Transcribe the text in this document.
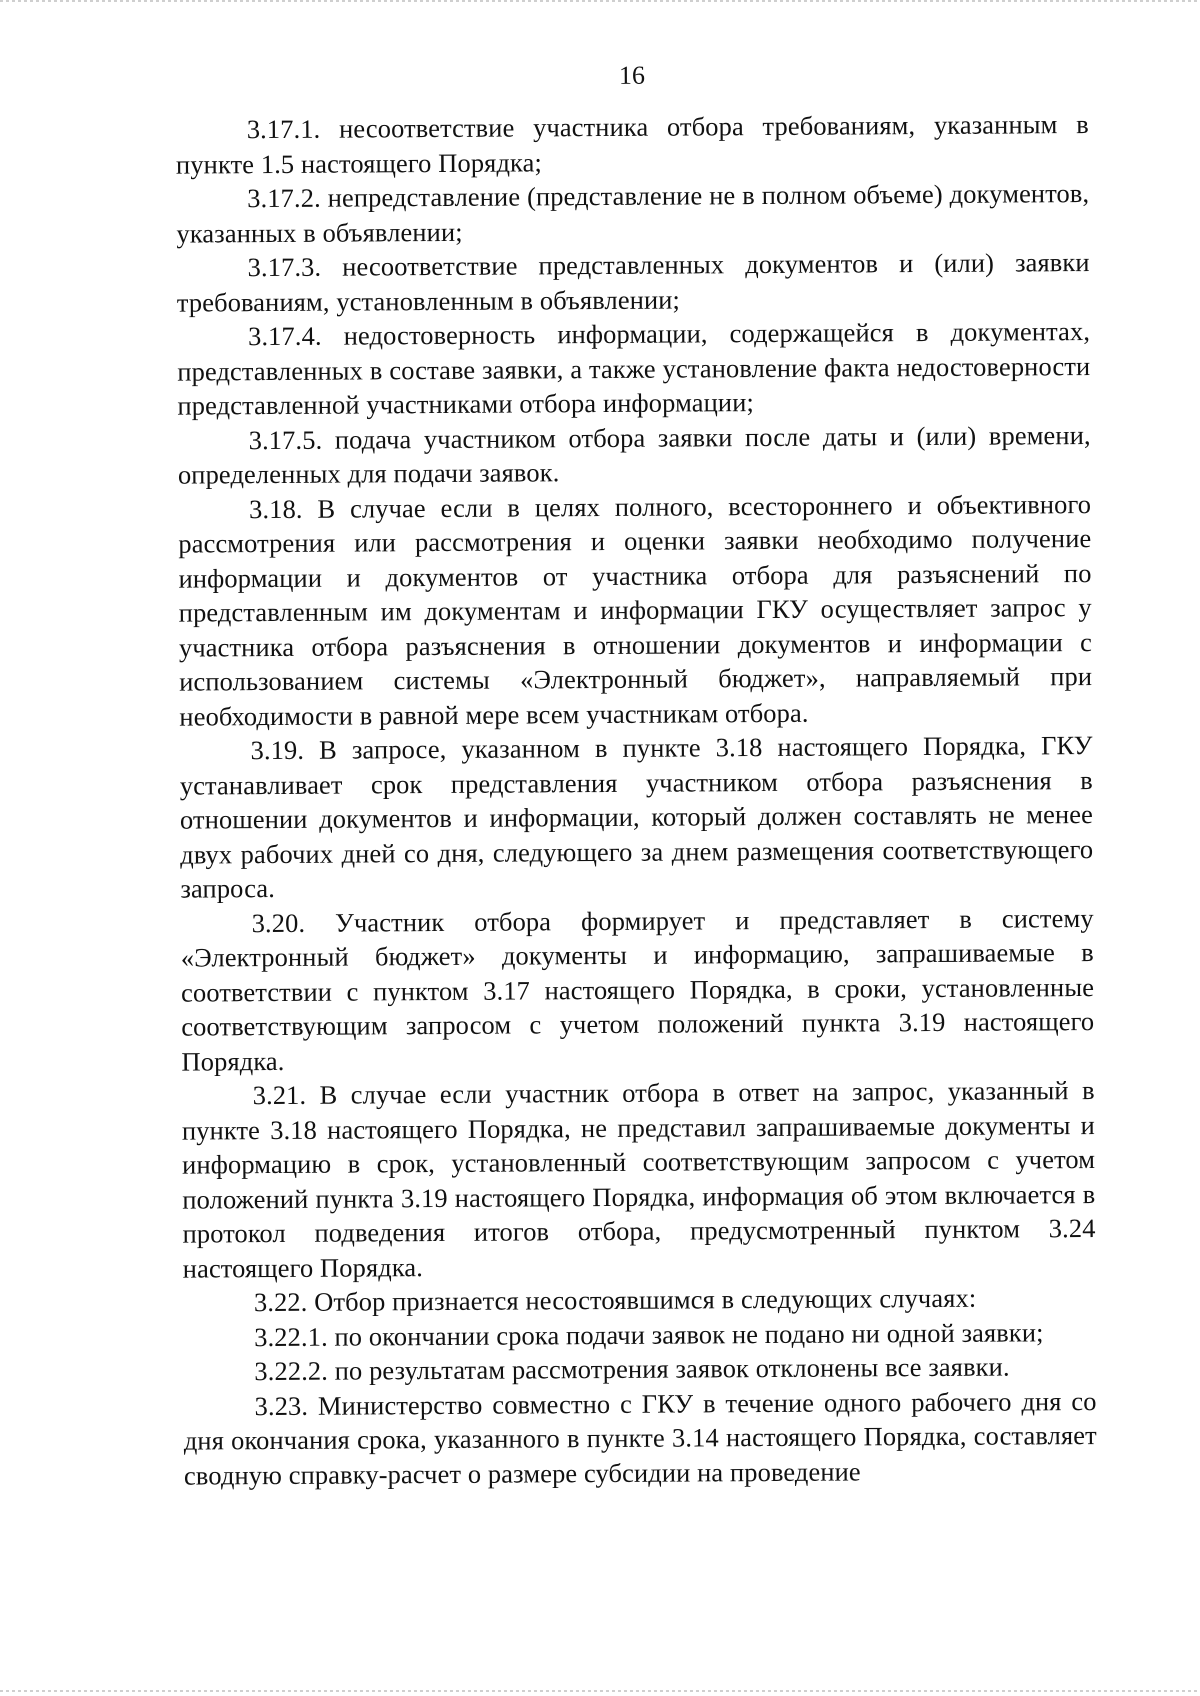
16

3.17.1. несоответствие участника отбора требованиям, указанным в пункте 1.5 настоящего Порядка;

3.17.2. непредставление (представление не в полном объеме) документов, указанных в объявлении;

3.17.3. несоответствие представленных документов и (или) заявки требованиям, установленным в объявлении;

3.17.4. недостоверность информации, содержащейся в документах, представленных в составе заявки, а также установление факта недостоверности представленной участниками отбора информации;

3.17.5. подача участником отбора заявки после даты и (или) времени, определенных для подачи заявок.

3.18. В случае если в целях полного, всестороннего и объективного рассмотрения или рассмотрения и оценки заявки необходимо получение информации и документов от участника отбора для разъяснений по представленным им документам и информации ГКУ осуществляет запрос у участника отбора разъяснения в отношении документов и информации с использованием системы «Электронный бюджет», направляемый при необходимости в равной мере всем участникам отбора.

3.19. В запросе, указанном в пункте 3.18 настоящего Порядка, ГКУ устанавливает срок представления участником отбора разъяснения в отношении документов и информации, который должен составлять не менее двух рабочих дней со дня, следующего за днем размещения соответствующего запроса.

3.20. Участник отбора формирует и представляет в систему «Электронный бюджет» документы и информацию, запрашиваемые в соответствии с пунктом 3.17 настоящего Порядка, в сроки, установленные соответствующим запросом с учетом положений пункта 3.19 настоящего Порядка.

3.21. В случае если участник отбора в ответ на запрос, указанный в пункте 3.18 настоящего Порядка, не представил запрашиваемые документы и информацию в срок, установленный соответствующим запросом с учетом положений пункта 3.19 настоящего Порядка, информация об этом включается в протокол подведения итогов отбора, предусмотренный пунктом 3.24 настоящего Порядка.

3.22. Отбор признается несостоявшимся в следующих случаях:

3.22.1. по окончании срока подачи заявок не подано ни одной заявки;

3.22.2. по результатам рассмотрения заявок отклонены все заявки.

3.23. Министерство совместно с ГКУ в течение одного рабочего дня со дня окончания срока, указанного в пункте 3.14 настоящего Порядка, составляет сводную справку-расчет о размере субсидии на проведение
